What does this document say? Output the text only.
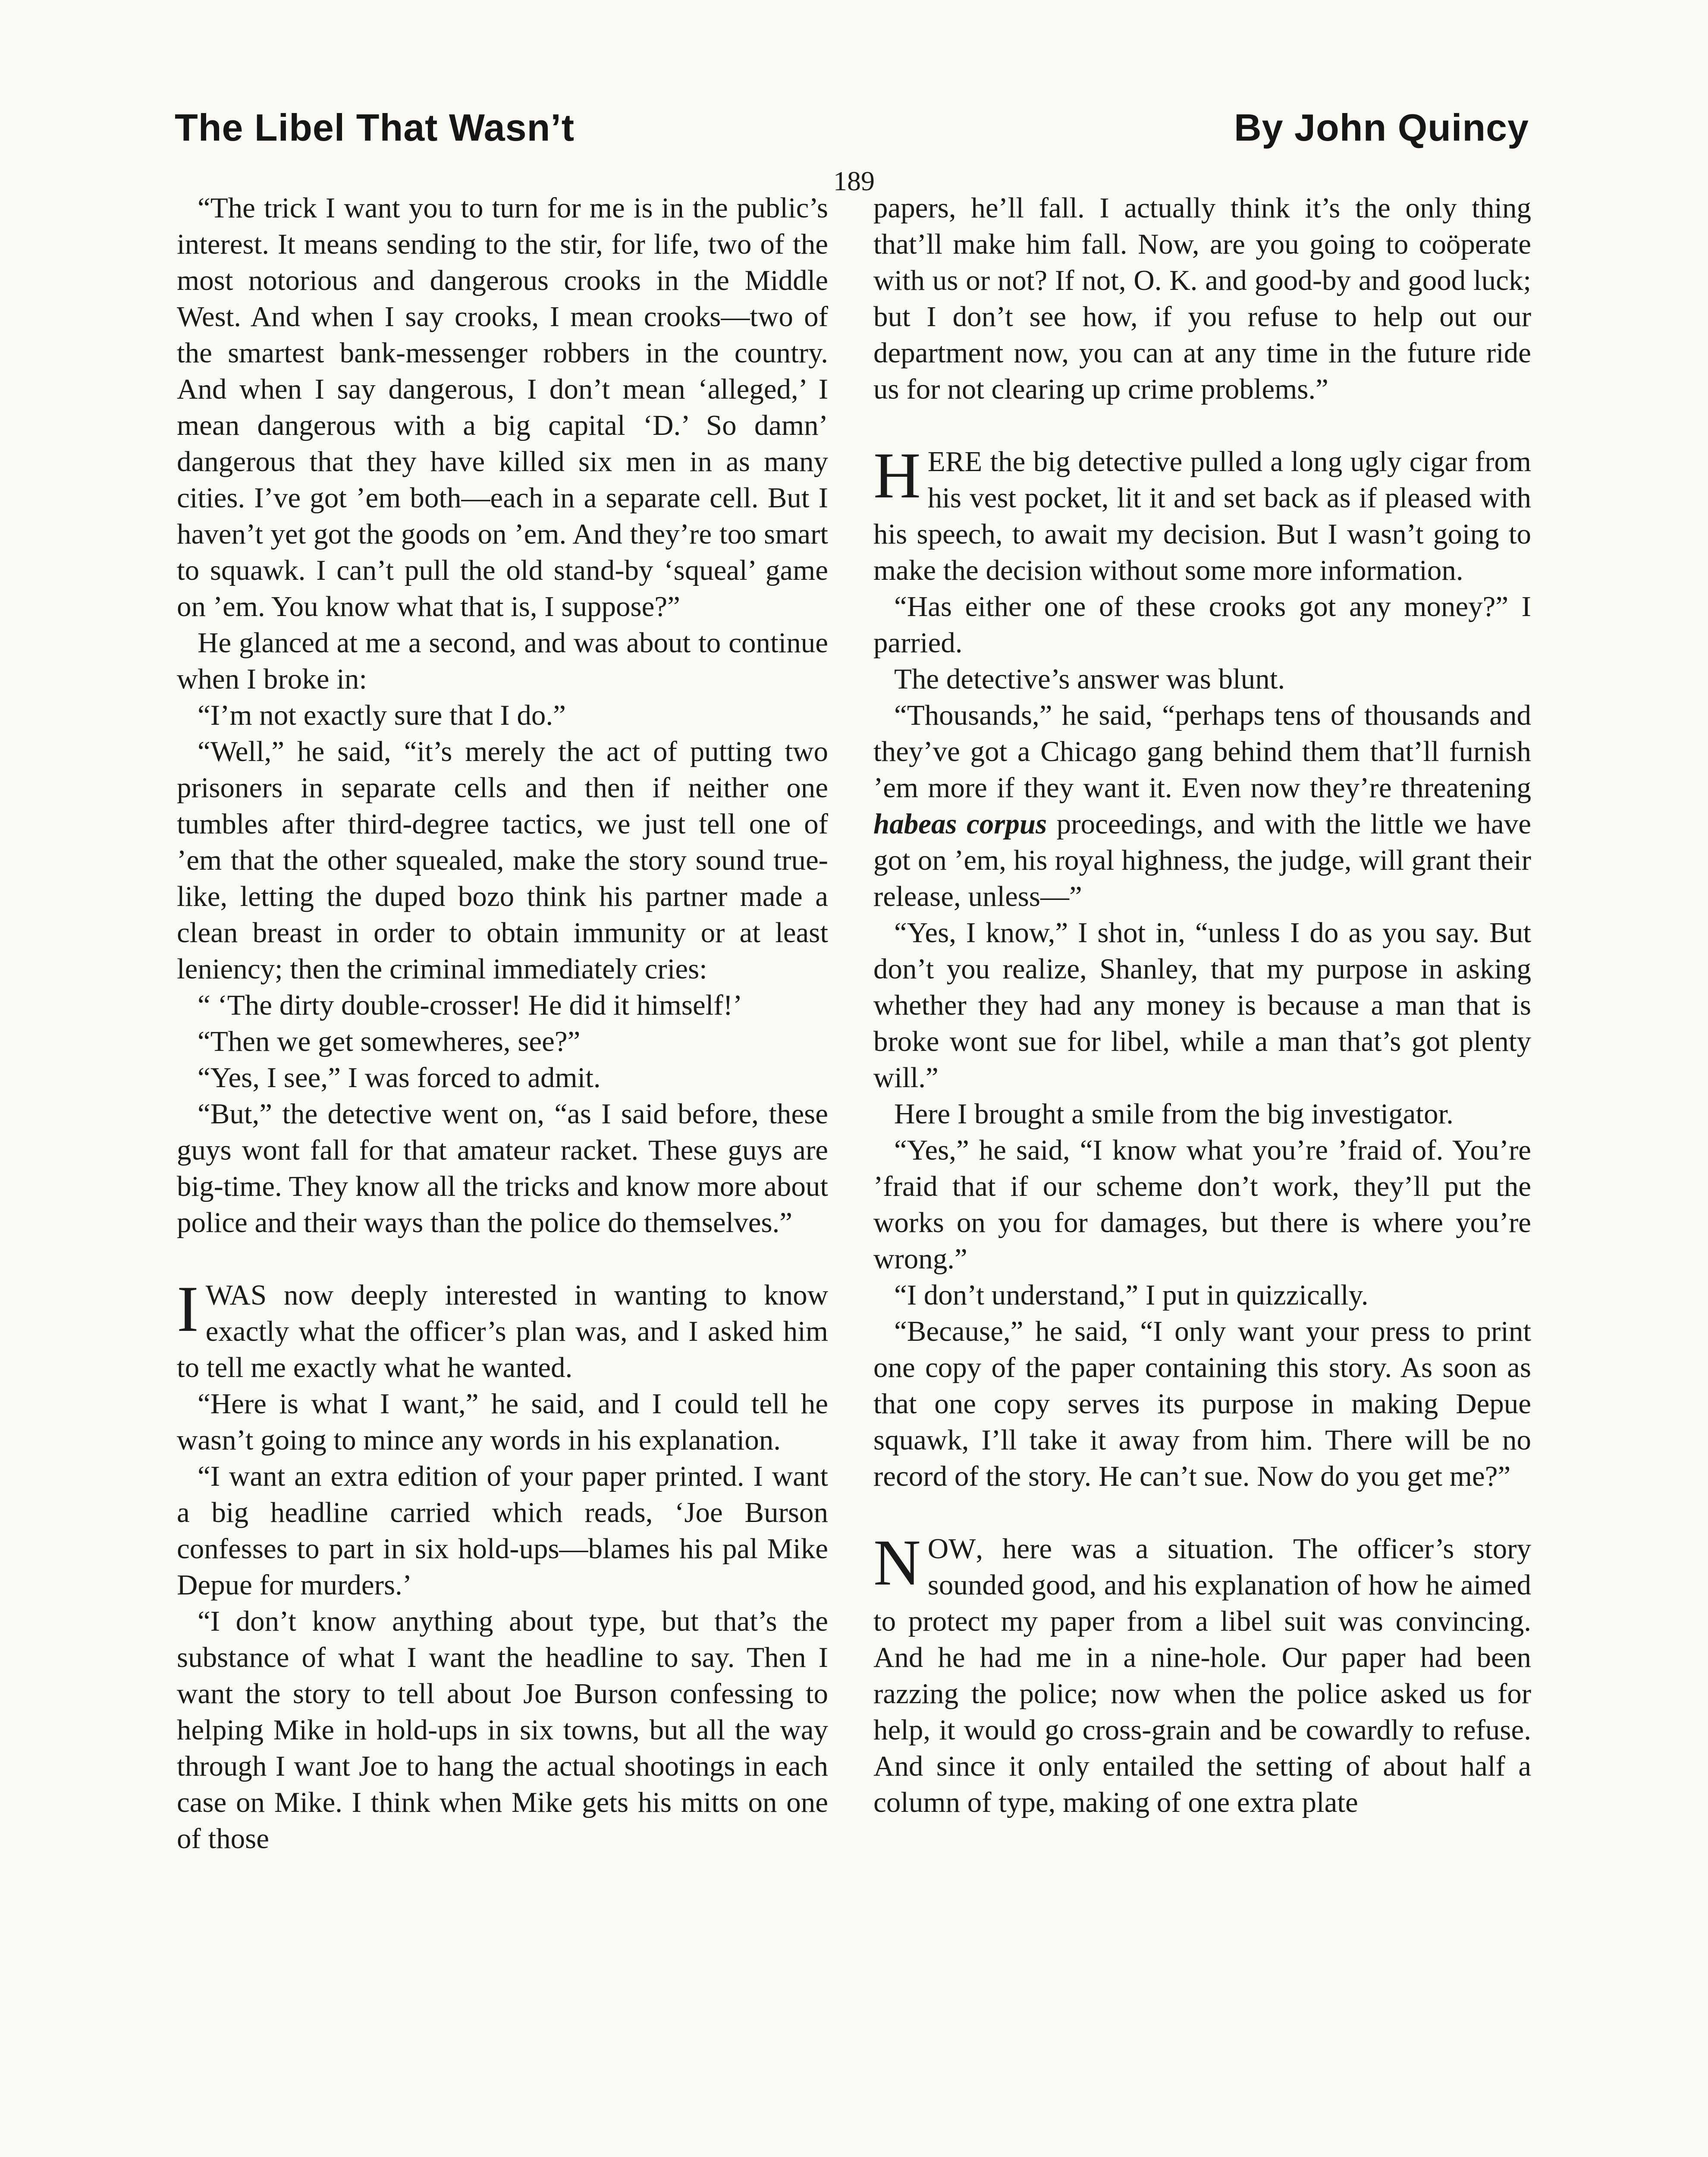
The Libel That Wasn’t	By John Quincy
189

“The trick I want you to turn for me is in the public’s interest. It means sending to the stir, for life, two of the most notorious and dangerous crooks in the Middle West. And when I say crooks, I mean crooks—two of the smartest bank-messenger robbers in the country. And when I say dangerous, I don’t mean ‘alleged,’ I mean dangerous with a big capital ‘D.’ So damn’ dangerous that they have killed six men in as many cities. I’ve got ’em both—each in a separate cell. But I haven’t yet got the goods on ’em. And they’re too smart to squawk. I can’t pull the old stand-by ‘squeal’ game on ’em. You know what that is, I suppose?”

He glanced at me a second, and was about to continue when I broke in:

“I’m not exactly sure that I do.”

“Well,” he said, “it’s merely the act of putting two prisoners in separate cells and then if neither one tumbles after third-degree tactics, we just tell one of ’em that the other squealed, make the story sound true-like, letting the duped bozo think his partner made a clean breast in order to obtain immunity or at least leniency; then the criminal immediately cries:

“ ‘The dirty double-crosser! He did it himself!’

“Then we get somewheres, see?”

“Yes, I see,” I was forced to admit.

“But,” the detective went on, “as I said before, these guys wont fall for that amateur racket. These guys are big-time. They know all the tricks and know more about police and their ways than the police do themselves.”

IWAS now deeply interested in wanting to know exactly what the officer’s plan was, and I asked him to tell me exactly what he wanted.

“Here is what I want,” he said, and I could tell he wasn’t going to mince any words in his explanation.

“I want an extra edition of your paper printed. I want a big headline carried which reads, ‘Joe Burson confesses to part in six hold-ups—blames his pal Mike Depue for murders.’

“I don’t know anything about type, but that’s the substance of what I want the headline to say. Then I want the story to tell about Joe Burson confessing to helping Mike in hold-ups in six towns, but all the way through I want Joe to hang the actual shootings in each case on Mike. I think when Mike gets his mitts on one of those

papers, he’ll fall. I actually think it’s the only thing that’ll make him fall. Now, are you going to coöperate with us or not? If not, O. K. and good-by and good luck; but I don’t see how, if you refuse to help out our department now, you can at any time in the future ride us for not clearing up crime problems.”

HERE the big detective pulled a long ugly cigar from his vest pocket, lit it and set back as if pleased with his speech, to await my decision. But I wasn’t going to make the decision without some more information.

“Has either one of these crooks got any money?” I parried.

The detective’s answer was blunt.

“Thousands,” he said, “perhaps tens of thousands and they’ve got a Chicago gang behind them that’ll furnish ’em more if they want it. Even now they’re threatening habeas corpus proceedings, and with the little we have got on ’em, his royal highness, the judge, will grant their release, unless—”

“Yes, I know,” I shot in, “unless I do as you say. But don’t you realize, Shanley, that my purpose in asking whether they had any money is because a man that is broke wont sue for libel, while a man that’s got plenty will.”

Here I brought a smile from the big investigator.

“Yes,” he said, “I know what you’re ’fraid of. You’re ’fraid that if our scheme don’t work, they’ll put the works on you for damages, but there is where you’re wrong.”

“I don’t understand,” I put in quizzically.

“Because,” he said, “I only want your press to print one copy of the paper containing this story. As soon as that one copy serves its purpose in making Depue squawk, I’ll take it away from him. There will be no record of the story. He can’t sue. Now do you get me?”

NOW, here was a situation. The officer’s story sounded good, and his explanation of how he aimed to protect my paper from a libel suit was convincing. And he had me in a nine-hole. Our paper had been razzing the police; now when the police asked us for help, it would go cross-grain and be cowardly to refuse. And since it only entailed the setting of about half a column of type, making of one extra plate
